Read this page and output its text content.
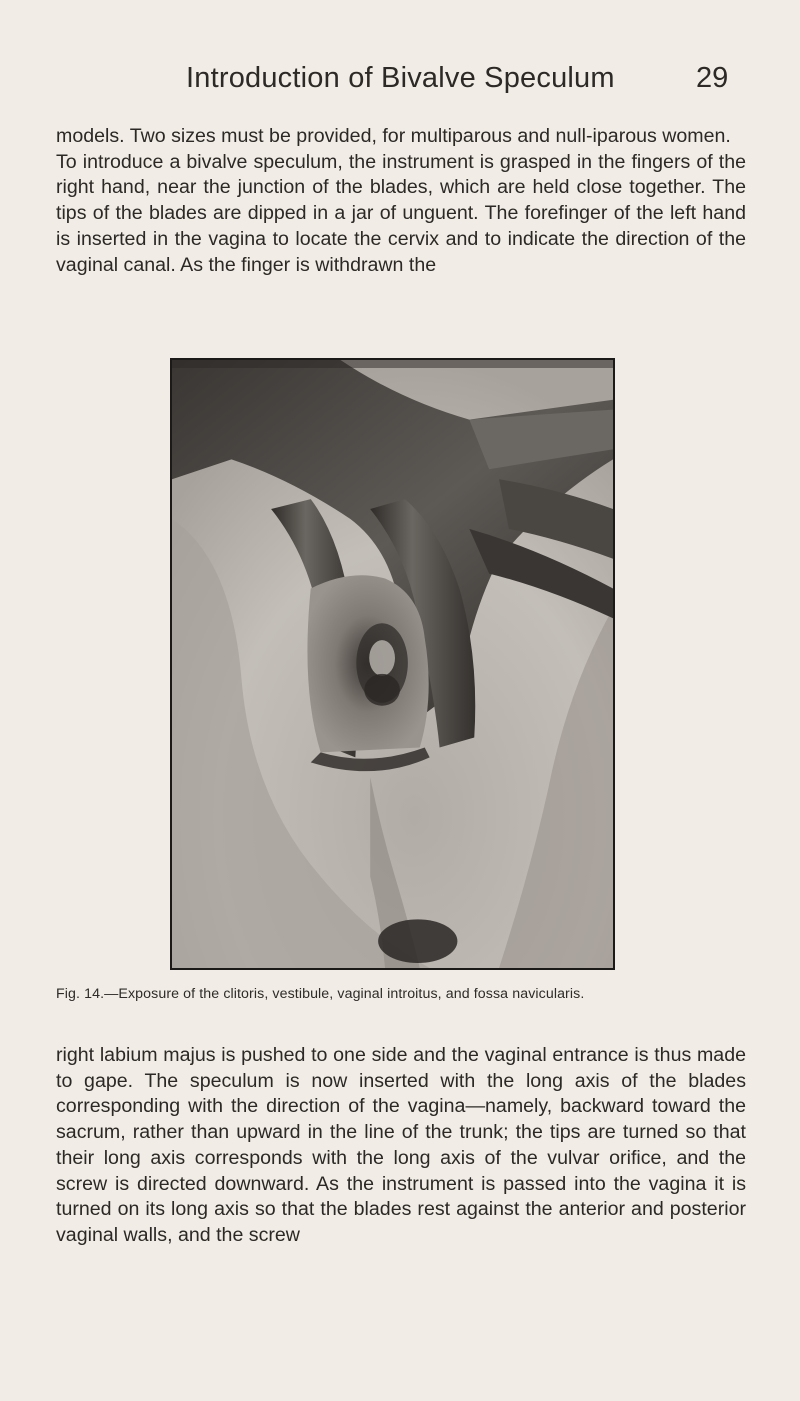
Introduction of Bivalve Speculum	29

models. Two sizes must be provided, for multiparous and null-iparous women.

To introduce a bivalve speculum, the instrument is grasped in the fingers of the right hand, near the junction of the blades, which are held close together. The tips of the blades are dipped in a jar of unguent. The forefinger of the left hand is inserted in the vagina to locate the cervix and to indicate the direction of the vaginal canal. As the finger is withdrawn the

Fig. 14.—Exposure of the clitoris, vestibule, vaginal introitus, and fossa navicularis.

right labium majus is pushed to one side and the vaginal entrance is thus made to gape. The speculum is now inserted with the long axis of the blades corresponding with the direction of the vagina—namely, backward toward the sacrum, rather than upward in the line of the trunk; the tips are turned so that their long axis corresponds with the long axis of the vulvar orifice, and the screw is directed downward. As the instrument is passed into the vagina it is turned on its long axis so that the blades rest against the anterior and posterior vaginal walls, and the screw
